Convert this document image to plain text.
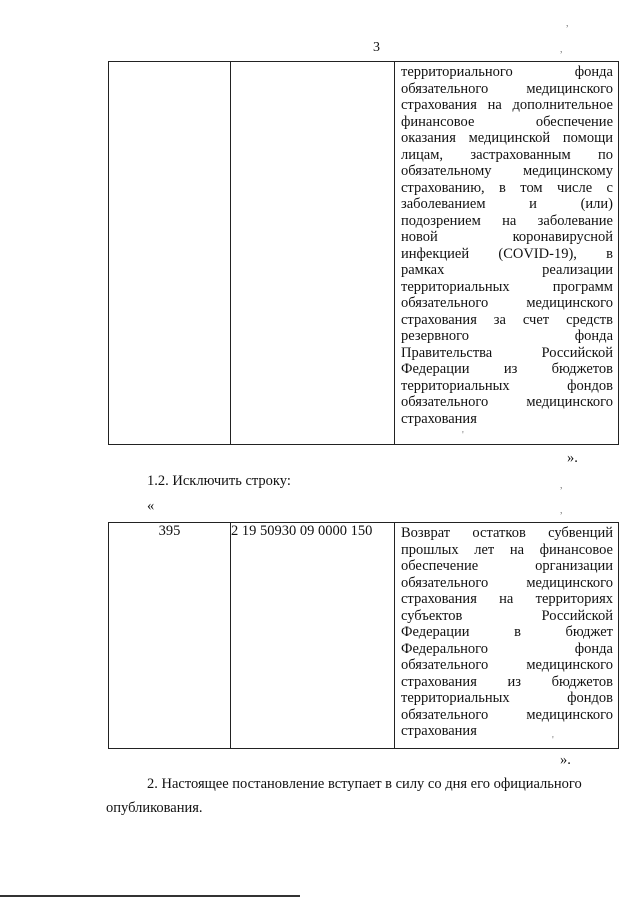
3
,
,
,
,

территориального фонда
обязательного медицинского
страхования на дополнительное
финансовое обеспечение
оказания медицинской помощи
лицам, застрахованным по
обязательному медицинскому
страхованию, в том числе с
заболеванием и (или)
подозрением на заболевание
новой коронавирусной
инфекцией (COVID-19), в
рамках реализации
территориальных программ
обязательного медицинского
страхования за счет средств
резервного фонда
Правительства Российской
Федерации из бюджетов
территориальных фондов
обязательного медицинского
страхования
'
».
1.2. Исключить строку:
«
395	2 19 50930 09 0000 150	Возврат остатков субвенций
прошлых лет на финансовое
обеспечение организации
обязательного медицинского
страхования на территориях
субъектов Российской
Федерации в бюджет
Федерального фонда
обязательного медицинского
страхования из бюджетов
территориальных фондов
обязательного медицинского
страхования
'
».
2. Настоящее постановление вступает в силу со дня его официального
опубликования.
